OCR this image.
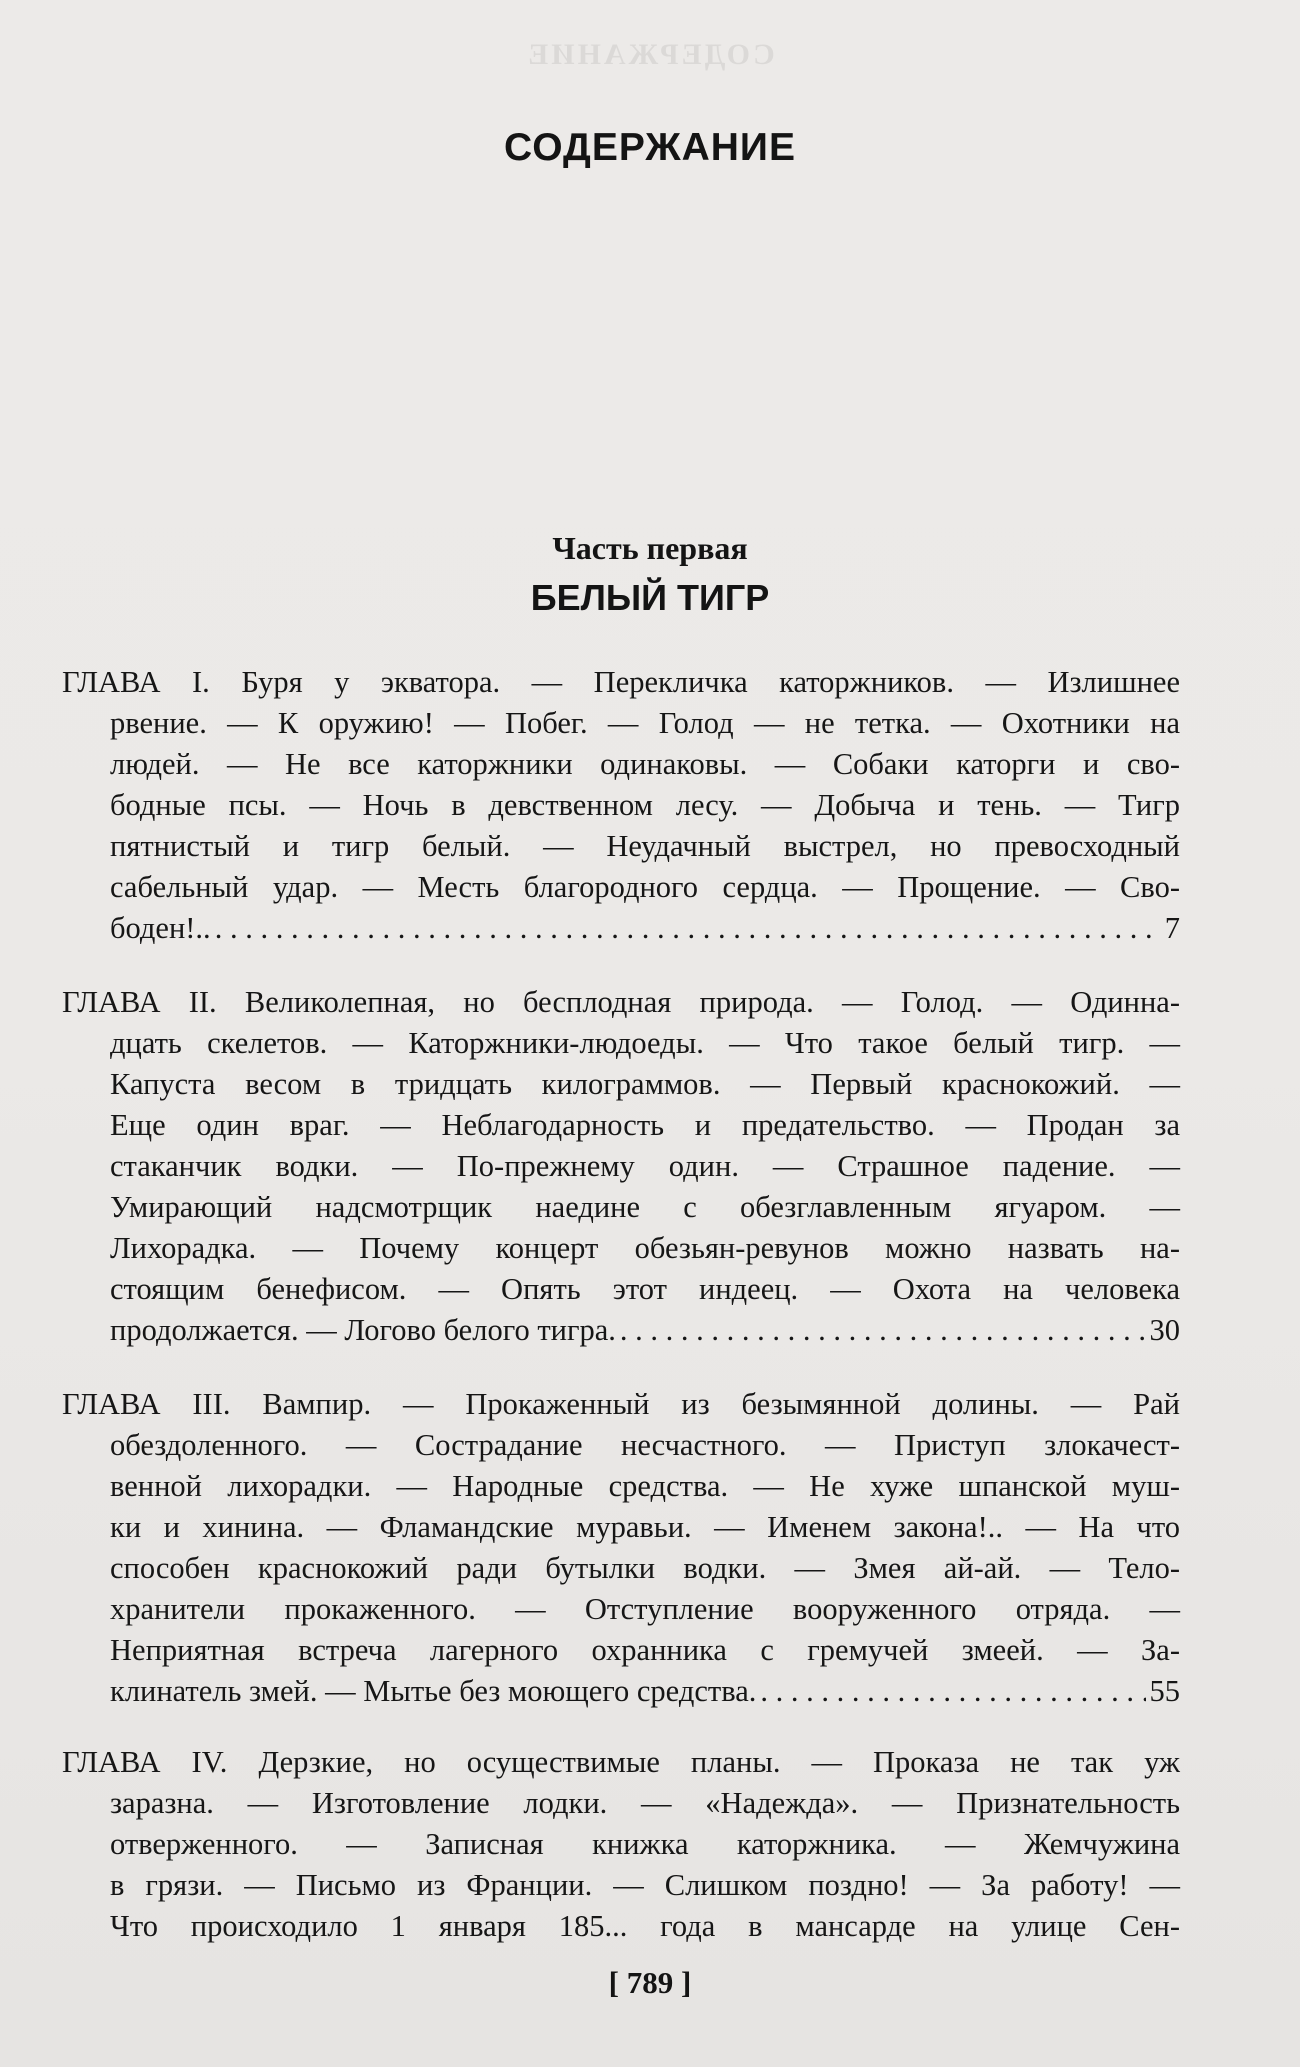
СОДЕРЖАНИЕ
СОДЕРЖАНИЕ
Часть первая
БЕЛЫЙ ТИГР
ГЛАВА I. Буря у экватора. — Перекличка каторжников. — Излишнее
рвение. — К оружию! — Побег. — Голод — не тетка. — Охотники на
людей. — Не все каторжники одинаковы. — Собаки каторги и сво-
бодные псы. — Ночь в девственном лесу. — Добыча и тень. — Тигр
пятнистый и тигр белый. — Неудачный выстрел, но превосходный
сабельный удар. — Месть благородного сердца. — Прощение. — Сво-
боден!.. . . .	7
ГЛАВА II. Великолепная, но бесплодная природа. — Голод. — Одинна-
дцать скелетов. — Каторжники-людоеды. — Что такое белый тигр. —
Капуста весом в тридцать килограммов. — Первый краснокожий. —
Еще один враг. — Неблагодарность и предательство. — Продан за
стаканчик водки. — По-прежнему один. — Страшное падение. —
Умирающий надсмотрщик наедине с обезглавленным ягуаром. —
Лихорадка. — Почему концерт обезьян-ревунов можно назвать на-
стоящим бенефисом. — Опять этот индеец. — Охота на человека
продолжается. — Логово белого тигра. . . .	30
ГЛАВА III. Вампир. — Прокаженный из безымянной долины. — Рай
обездоленного. — Сострадание несчастного. — Приступ злокачест-
венной лихорадки. — Народные средства. — Не хуже шпанской муш-
ки и хинина. — Фламандские муравьи. — Именем закона!.. — На что
способен краснокожий ради бутылки водки. — Змея ай-ай. — Тело-
хранители прокаженного. — Отступление вооруженного отряда. —
Неприятная встреча лагерного охранника с гремучей змеей. — За-
клинатель змей. — Мытье без моющего средства. . . .	55
ГЛАВА IV. Дерзкие, но осуществимые планы. — Проказа не так уж
заразна. — Изготовление лодки. — «Надежда». — Признательность
отверженного. — Записная книжка каторжника. — Жемчужина
в грязи. — Письмо из Франции. — Слишком поздно! — За работу! —
Что происходило 1 января 185... года в мансарде на улице Сен-
[ 789 ]
